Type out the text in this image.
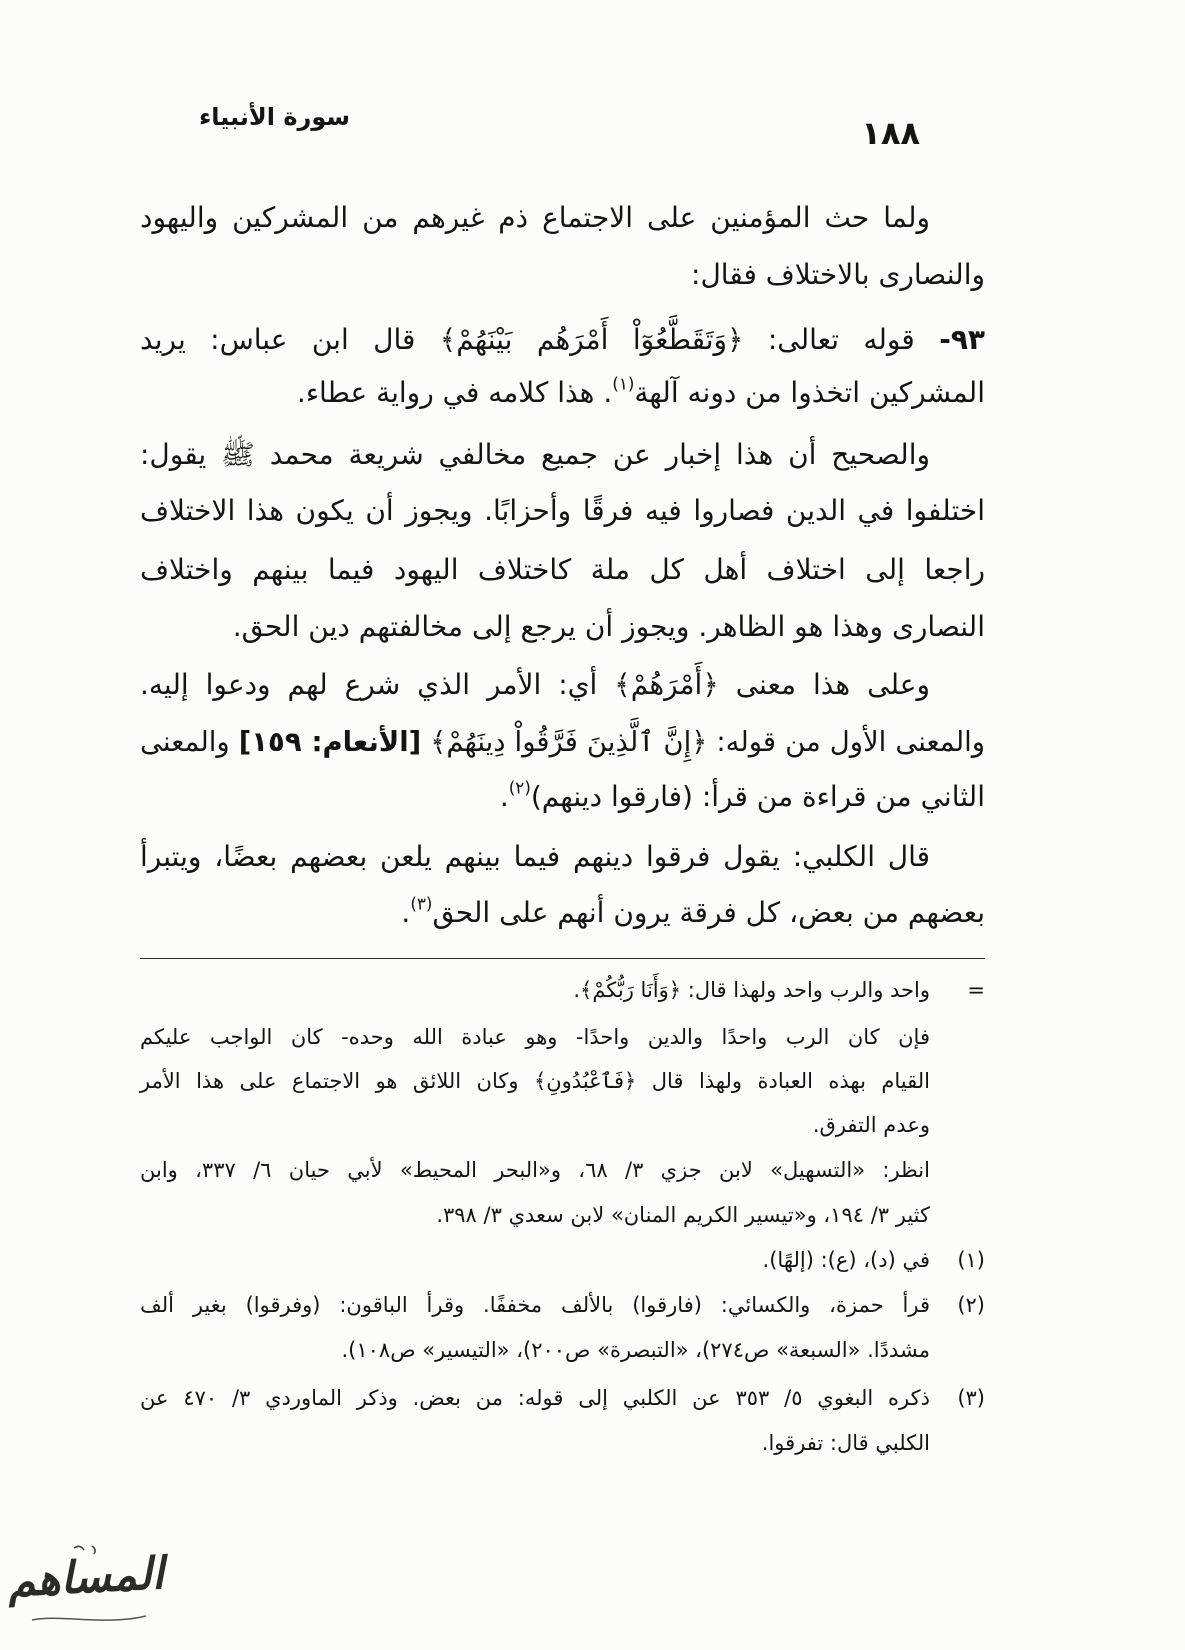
١٨٨
سورة الأنبياء
ولما حث المؤمنين على الاجتماع ذم غيرهم من المشركين واليهود
والنصارى بالاختلاف فقال:
٩٣- قوله تعالى: ﴿وَتَقَطَّعُوٓاْ أَمْرَهُم بَيْنَهُمْ﴾ قال ابن عباس: يريد
المشركين اتخذوا من دونه آلهة$^{(١)}$. هذا كلامه في رواية عطاء.
والصحيح أن هذا إخبار عن جميع مخالفي شريعة محمد ﷺ يقول:
اختلفوا في الدين فصاروا فيه فرقًا وأحزابًا. ويجوز أن يكون هذا الاختلاف
راجعا إلى اختلاف أهل كل ملة كاختلاف اليهود فيما بينهم واختلاف
النصارى وهذا هو الظاهر. ويجوز أن يرجع إلى مخالفتهم دين الحق.
وعلى هذا معنى ﴿أَمْرَهُمْ﴾ أي: الأمر الذي شرع لهم ودعوا إليه.
والمعنى الأول من قوله: ﴿إِنَّ ٱلَّذِينَ فَرَّقُواْ دِينَهُمْ﴾ [الأنعام: ١٥٩] والمعنى
الثاني من قراءة من قرأ: (فارقوا دينهم)$^{(٢)}$.
قال الكلبي: يقول فرقوا دينهم فيما بينهم يلعن بعضهم بعضًا، ويتبرأ
بعضهم من بعض، كل فرقة يرون أنهم على الحق$^{(٣)}$.
=
واحد والرب واحد ولهذا قال: ﴿وَأَنَا رَبُّكُمْ﴾.
فإن كان الرب واحدًا والدين واحدًا- وهو عبادة الله وحده- كان الواجب عليكم
القيام بهذه العبادة ولهذا قال ﴿فَٱعْبُدُونِ﴾ وكان اللائق هو الاجتماع على هذا الأمر
وعدم التفرق.
انظر: «التسهيل» لابن جزي ٣/ ٦٨، و«البحر المحيط» لأبي حيان ٦/ ٣٣٧، وابن
كثير ٣/ ١٩٤، و«تيسير الكريم المنان» لابن سعدي ٣/ ٣٩٨.
(١)
في (د)، (ع): (إلهًا).
(٢)
قرأ حمزة، والكسائي: (فارقوا) بالألف مخففًا. وقرأ الباقون: (وفرقوا) بغير ألف
مشددًا. «السبعة» ص٢٧٤)، «التبصرة» ص٢٠٠)، «التيسير» ص١٠٨).
(٣)
ذكره البغوي ٥/ ٣٥٣ عن الكلبي إلى قوله: من بعض. وذكر الماوردي ٣/ ٤٧٠ عن
الكلبي قال: تفرقوا.
المساهم
